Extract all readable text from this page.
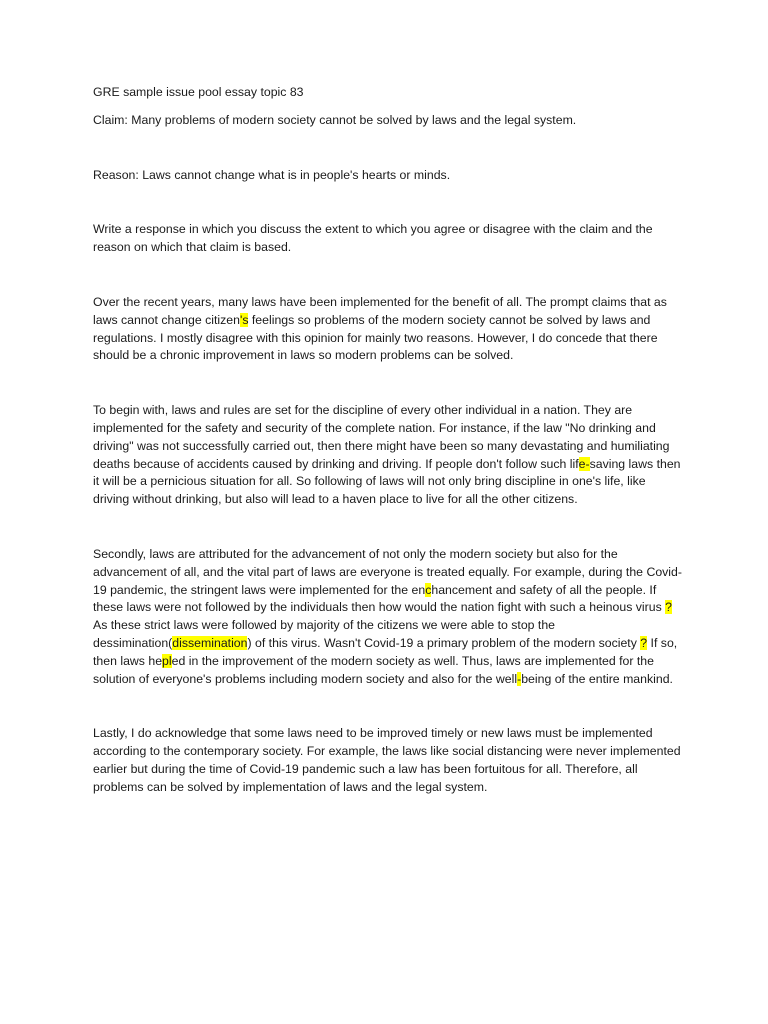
GRE sample issue pool essay topic 83

Claim: Many problems of modern society cannot be solved by laws and the legal system.

Reason: Laws cannot change what is in people's hearts or minds.

Write a response in which you discuss the extent to which you agree or disagree with the claim and the reason on which that claim is based.

Over the recent years, many laws have been implemented for the benefit of all. The prompt claims that as laws cannot change citizen's feelings so problems of the modern society cannot be solved by laws and regulations. I mostly disagree with this opinion for mainly two reasons. However, I do concede that there should be a chronic improvement in laws so modern problems can be solved.

To begin with, laws and rules are set for the discipline of every other individual in a nation. They are implemented for the safety and security of the complete nation. For instance, if the law "No drinking and driving" was not successfully carried out, then there might have been so many devastating and humiliating deaths because of accidents caused by drinking and driving. If people don't follow such life-saving laws then it will be a pernicious situation for all. So following of laws will not only bring discipline in one's life, like driving without drinking, but also will lead to a haven place to live for all the other citizens.

Secondly, laws are attributed for the advancement of not only the modern society but also for the advancement of all, and the vital part of laws are everyone is treated equally. For example, during the Covid-19 pandemic, the stringent laws were implemented for the enchancement and safety of all the people. If these laws were not followed by the individuals then how would the nation fight with such a heinous virus ? As these strict laws were followed by majority of the citizens we were able to stop the dessimination(dissemination) of this virus. Wasn't Covid-19 a primary problem of the modern society ? If so, then laws hepled in the improvement of the modern society as well. Thus, laws are implemented for the solution of everyone's problems including modern society and also for the well-being of the entire mankind.

Lastly, I do acknowledge that some laws need to be improved timely or new laws must be implemented according to the contemporary society. For example, the laws like social distancing were never implemented earlier but during the time of Covid-19 pandemic such a law has been fortuitous for all. Therefore, all problems can be solved by implementation of laws and the legal system.
